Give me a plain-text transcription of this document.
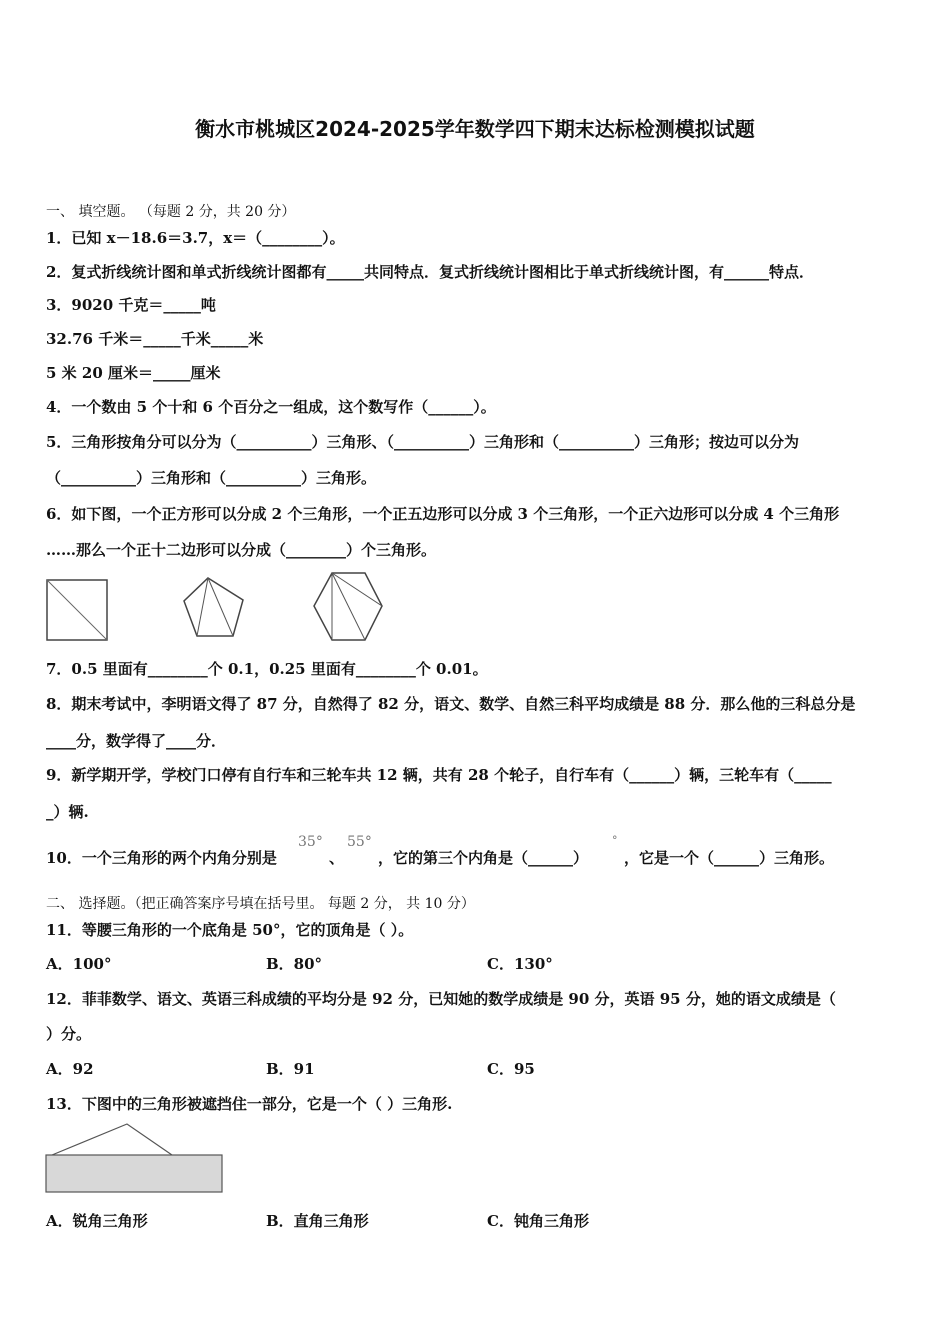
衡水市桃城区2024-2025学年数学四下期末达标检测模拟试题
一、 填空题。 （每题 2 分，共 20 分）
1．已知 x－18.6＝3.7，x＝（________）。
2．复式折线统计图和单式折线统计图都有_____共同特点．复式折线统计图相比于单式折线统计图，有______特点．
3．9020 千克＝_____吨
32.76 千米＝_____千米_____米
5 米 20 厘米＝_____厘米
4．一个数由 5 个十和 6 个百分之一组成，这个数写作（______）。
5．三角形按角分可以分为（__________）三角形、（__________）三角形和（__________）三角形；按边可以分为
（__________）三角形和（__________）三角形。
6．如下图，一个正方形可以分成 2 个三角形，一个正五边形可以分成 3 个三角形，一个正六边形可以分成 4 个三角形
……那么一个正十二边形可以分成（________）个三角形。
7．0.5 里面有________个 0.1，0.25 里面有________个 0.01。
8．期末考试中，李明语文得了 87 分，自然得了 82 分，语文、数学、自然三科平均成绩是 88 分．那么他的三科总分是
____分，数学得了____分．
9．新学期开学，学校门口停有自行车和三轮车共 12 辆，共有 28 个轮子，自行车有（______）辆，三轮车有（_____
_）辆.
10．一个三角形的两个内角分别是
35°
、
55°
，它的第三个内角是（______）
°
，它是一个（______）三角形。
二、 选择题。（把正确答案序号填在括号里。 每题 2 分， 共 10 分）
11．等腰三角形的一个底角是 50°，它的顶角是（ ）。
A．100°	B．80°	C．130°
12．菲菲数学、语文、英语三科成绩的平均分是 92 分，已知她的数学成绩是 90 分，英语 95 分，她的语文成绩是（
）分。
A．92	B．91	C．95
13．下图中的三角形被遮挡住一部分，它是一个（ ）三角形.
A．锐角三角形	B．直角三角形	C．钝角三角形
